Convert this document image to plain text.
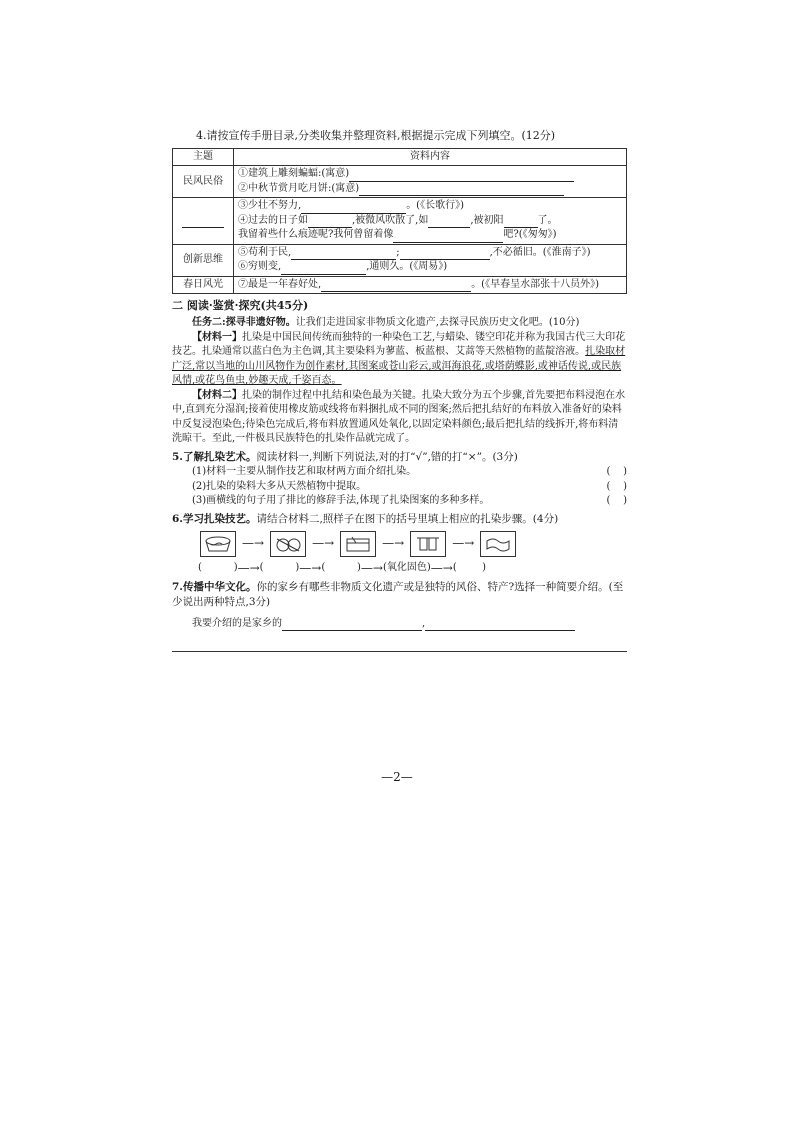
4.请按宣传手册目录,分类收集并整理资料,根据提示完成下列填空。(12分)

主题	资料内容
民风民俗	①建筑上雕刻蝙蝠:(寓意)
②中秋节赏月吃月饼:(寓意)

	③少壮不努力, 。(《长歌行》)
④过去的日子如 ,被微风吹散了,如 ,被初阳 了。
我留着些什么痕迹呢?我何曾留着像 吧?(《匆匆》)

创新思维	⑤苟利于民, ; ,不必循旧。(《淮南子》)
⑥穷则变, ,通则久。(《周易》)

春日风光	⑦最是一年春好处, 。(《早春呈水部张十八员外》)
二 阅读·鉴赏·探究(共45分)

任务二:探寻非遗好物。让我们走进国家非物质文化遗产,去探寻民族历史文化吧。(10分)

【材料一】扎染是中国民间传统而独特的一种染色工艺,与蜡染、镂空印花并称为我国古代三大印花技艺。扎染通常以蓝白色为主色调,其主要染料为蓼蓝、板蓝根、艾蒿等天然植物的蓝靛溶液。扎染取材广泛,常以当地的山川风物作为创作素材,其图案或苍山彩云,或洱海浪花,或塔荫蝶影,或神话传说,或民族风情,或花鸟鱼虫,妙趣天成,千姿百态。

【材料二】扎染的制作过程中扎结和染色最为关键。扎染大致分为五个步骤,首先要把布料浸泡在水中,直到充分湿润;接着使用橡皮筋或线将布料捆扎成不同的图案;然后把扎结好的布料放入准备好的染料中反复浸泡染色;待染色完成后,将布料放置通风处氧化,以固定染料颜色;最后把扎结的线拆开,将布料清洗晾干。至此,一件极具民族特色的扎染作品就完成了。

5.了解扎染艺术。阅读材料一,判断下列说法,对的打“√”,错的打“×”。(3分)

(1)材料一主要从制作技艺和取材两方面介绍扎染。	(    )

(2)扎染的染料大多从天然植物中提取。	(    )

(3)画横线的句子用了排比的修辞手法,体现了扎染图案的多种多样。	(    )

6.学习扎染技艺。请结合材料二,照样子在图下的括号里填上相应的扎染步骤。(4分)

—→	—→	—→	—→
(          ) —→ (          ) —→ (          ) —→ (氧化固色) —→ (        )

7.传播中华文化。你的家乡有哪些非物质文化遗产或是独特的风俗、特产?选择一种简要介绍。(至少说出两种特点,3分)

我要介绍的是家乡的	,

—2—
